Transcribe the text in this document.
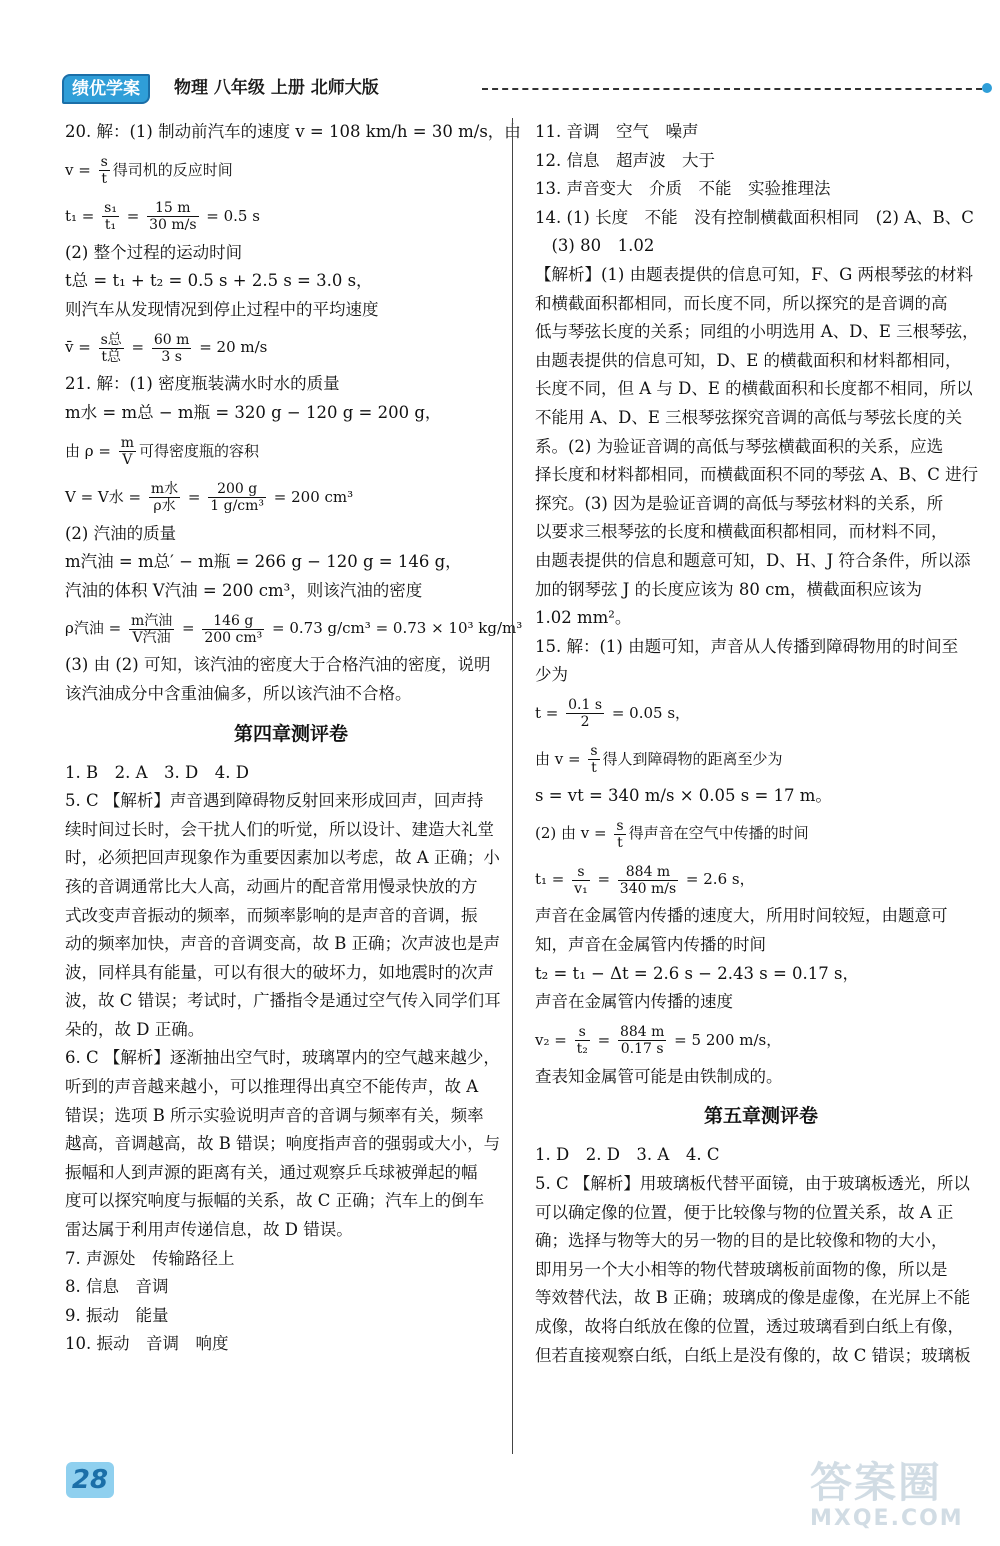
绩优学案	物理 八年级 上册 北师大版
20. 解：(1) 制动前汽车的速度 v = 108 km/h = 30 m/s，由
$v = \frac{s}{t}$ 得司机的反应时间
$t_1 = \frac{\text{s₁}}{\text{t₁}} = \frac{15 m}{30 m/s} = 0.5$ s
(2) 整个过程的运动时间
t总 = t₁ + t₂ = 0.5 s + 2.5 s = 3.0 s，
则汽车从发现情况到停止过程中的平均速度
v̄ = $\frac{\text{s总}}{\text{t总}} = \frac{60 m}{3 s} = 20$ m/s
21. 解：(1) 密度瓶装满水时水的质量
m水 = m总 − m瓶 = 320 g − 120 g = 200 g，
由 $\rho = \frac{m}{V}$ 可得密度瓶的容积
V = V水 = $\frac{\text{m水}}{\text{ρ水}} = \frac{200 g}{\text{1 g/cm³}} = 200$ cm³
(2) 汽油的质量
m汽油 = m总′ − m瓶 = 266 g − 120 g = 146 g，
汽油的体积 V汽油 = 200 cm³，则该汽油的密度
ρ汽油 = $\frac{\text{m汽油}}{\text{V汽油}} = \frac{146 g}{\text{200 cm³}} = 0.73$ g/cm³ = 0.73 × 10³ kg/m³
(3) 由 (2) 可知，该汽油的密度大于合格汽油的密度，说明
该汽油成分中含重油偏多，所以该汽油不合格。
第四章测评卷
1. B　2. A　3. D　4. D
5. C 【解析】声音遇到障碍物反射回来形成回声，回声持
续时间过长时，会干扰人们的听觉，所以设计、建造大礼堂
时，必须把回声现象作为重要因素加以考虑，故 A 正确；小
孩的音调通常比大人高，动画片的配音常用慢录快放的方
式改变声音振动的频率，而频率影响的是声音的音调，振
动的频率加快，声音的音调变高，故 B 正确；次声波也是声
波，同样具有能量，可以有很大的破坏力，如地震时的次声
波，故 C 错误；考试时，广播指令是通过空气传入同学们耳
朵的，故 D 正确。
6. C 【解析】逐渐抽出空气时，玻璃罩内的空气越来越少，
听到的声音越来越小，可以推理得出真空不能传声，故 A
错误；选项 B 所示实验说明声音的音调与频率有关，频率
越高，音调越高，故 B 错误；响度指声音的强弱或大小，与
振幅和人到声源的距离有关，通过观察乒乓球被弹起的幅
度可以探究响度与振幅的关系，故 C 正确；汽车上的倒车
雷达属于利用声传递信息，故 D 错误。
7. 声源处　传输路径上
8. 信息　音调
9. 振动　能量
10. 振动　音调　响度
11. 音调　空气　噪声
12. 信息　超声波　大于
13. 声音变大　介质　不能　实验推理法
14. (1) 长度　不能　没有控制横截面积相同　(2) A、B、C
　(3) 80　1.02
【解析】(1) 由题表提供的信息可知，F、G 两根琴弦的材料
和横截面积都相同，而长度不同，所以探究的是音调的高
低与琴弦长度的关系；同组的小明选用 A、D、E 三根琴弦，
由题表提供的信息可知，D、E 的横截面积和材料都相同，
长度不同，但 A 与 D、E 的横截面积和长度都不相同，所以
不能用 A、D、E 三根琴弦探究音调的高低与琴弦长度的关
系。(2) 为验证音调的高低与琴弦横截面积的关系，应选
择长度和材料都相同，而横截面积不同的琴弦 A、B、C 进行
探究。(3) 因为是验证音调的高低与琴弦材料的关系，所
以要求三根琴弦的长度和横截面积都相同，而材料不同，
由题表提供的信息和题意可知，D、H、J 符合条件，所以添
加的钢琴弦 J 的长度应该为 80 cm，横截面积应该为
1.02 mm²。
15. 解：(1) 由题可知，声音从人传播到障碍物用的时间至
少为
$t = \frac{0.1 s}{2} = 0.05$ s，
由 $v = \frac{s}{t}$ 得人到障碍物的距离至少为
s = vt = 340 m/s × 0.05 s = 17 m。
(2) 由 $v = \frac{s}{t}$ 得声音在空气中传播的时间
$t_1 = \frac{s}{\text{v₁}} = \frac{884 m}{340 m/s} = 2.6$ s，
声音在金属管内传播的速度大，所用时间较短，由题意可
知，声音在金属管内传播的时间
t₂ = t₁ − Δt = 2.6 s − 2.43 s = 0.17 s，
声音在金属管内传播的速度
$v_2 = \frac{s}{\text{t₂}} = \frac{884 m}{0.17 s} = 5$ 200 m/s，
查表知金属管可能是由铁制成的。
第五章测评卷
1. D　2. D　3. A　4. C
5. C 【解析】用玻璃板代替平面镜，由于玻璃板透光，所以
可以确定像的位置，便于比较像与物的位置关系，故 A 正
确；选择与物等大的另一物的目的是比较像和物的大小，
即用另一个大小相等的物代替玻璃板前面物的像，所以是
等效替代法，故 B 正确；玻璃成的像是虚像，在光屏上不能
成像，故将白纸放在像的位置，透过玻璃看到白纸上有像，
但若直接观察白纸，白纸上是没有像的，故 C 错误；玻璃板
28	答案圈
MXQE.COM
